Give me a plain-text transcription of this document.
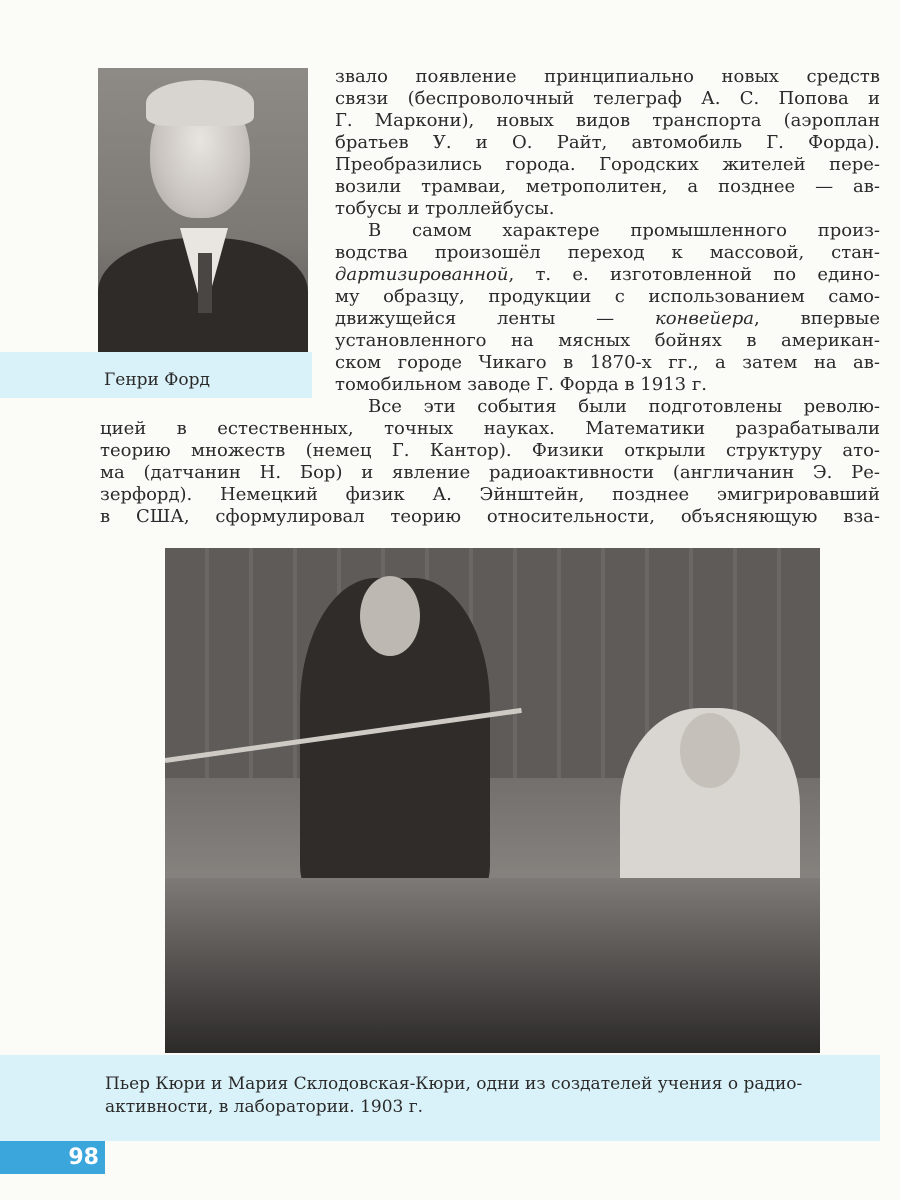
Генри Форд
звало появление принципиально новых средств
связи (беспроволочный телеграф А. С. Попова и
Г. Маркони), новых видов транспорта (аэроплан
братьев У. и О. Райт, автомобиль Г. Форда).
Преобразились города. Городских жителей пере-
возили трамваи, метрополитен, а позднее — ав-
тобусы и троллейбусы.
В самом характере промышленного произ-
водства произошёл переход к массовой, стан-
дартизированной, т. е. изготовленной по едино-
му образцу, продукции с использованием само-
движущейся ленты — конвейера, впервые
установленного на мясных бойнях в американ-
ском городе Чикаго в 1870-х гг., а затем на ав-
томобильном заводе Г. Форда в 1913 г.
Все эти события были подготовлены револю-
цией в естественных, точных науках. Математики разрабатывали
теорию множеств (немец Г. Кантор). Физики открыли структуру ато-
ма (датчанин Н. Бор) и явление радиоактивности (англичанин Э. Ре-
зерфорд). Немецкий физик А. Эйнштейн, позднее эмигрировавший
в США, сформулировал теорию относительности, объясняющую вза-
Пьер Кюри и Мария Склодовская-Кюри, одни из создателей учения о радио-
активности, в лаборатории. 1903 г.
98
